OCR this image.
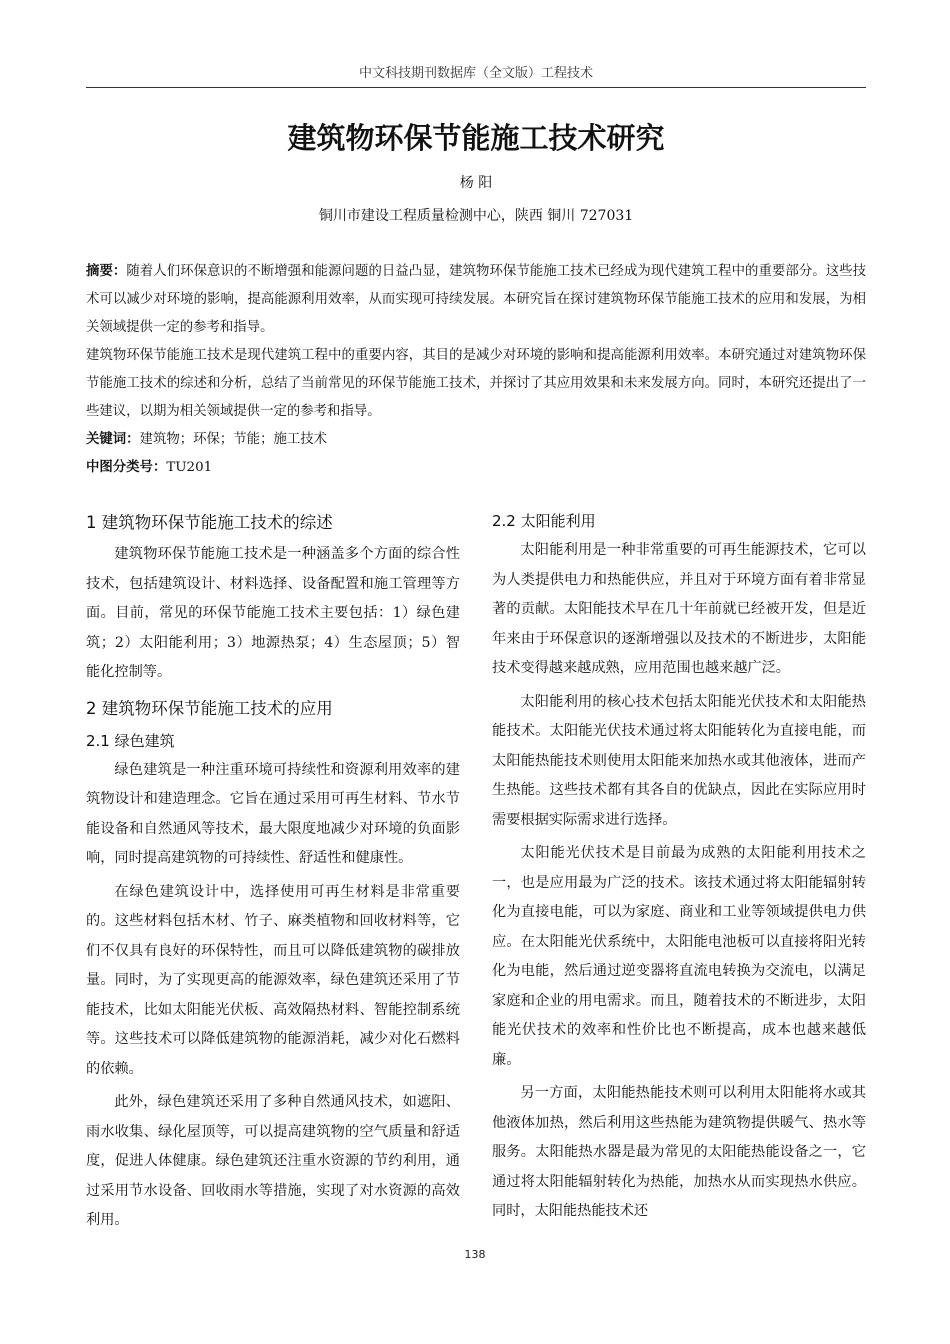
中文科技期刊数据库（全文版）工程技术
建筑物环保节能施工技术研究
杨 阳
铜川市建设工程质量检测中心，陕西 铜川 727031

摘要：随着人们环保意识的不断增强和能源问题的日益凸显，建筑物环保节能施工技术已经成为现代建筑工程中的重要部分。这些技术可以减少对环境的影响，提高能源利用效率，从而实现可持续发展。本研究旨在探讨建筑物环保节能施工技术的应用和发展，为相关领域提供一定的参考和指导。

建筑物环保节能施工技术是现代建筑工程中的重要内容，其目的是减少对环境的影响和提高能源利用效率。本研究通过对建筑物环保节能施工技术的综述和分析，总结了当前常见的环保节能施工技术，并探讨了其应用效果和未来发展方向。同时，本研究还提出了一些建议，以期为相关领域提供一定的参考和指导。

关键词：建筑物；环保；节能；施工技术

中图分类号：TU201

1 建筑物环保节能施工技术的综述

建筑物环保节能施工技术是一种涵盖多个方面的综合性技术，包括建筑设计、材料选择、设备配置和施工管理等方面。目前，常见的环保节能施工技术主要包括：1）绿色建筑；2）太阳能利用；3）地源热泵；4）生态屋顶；5）智能化控制等。

2 建筑物环保节能施工技术的应用
2.1 绿色建筑

绿色建筑是一种注重环境可持续性和资源利用效率的建筑物设计和建造理念。它旨在通过采用可再生材料、节水节能设备和自然通风等技术，最大限度地减少对环境的负面影响，同时提高建筑物的可持续性、舒适性和健康性。

在绿色建筑设计中，选择使用可再生材料是非常重要的。这些材料包括木材、竹子、麻类植物和回收材料等，它们不仅具有良好的环保特性，而且可以降低建筑物的碳排放量。同时，为了实现更高的能源效率，绿色建筑还采用了节能技术，比如太阳能光伏板、高效隔热材料、智能控制系统等。这些技术可以降低建筑物的能源消耗，减少对化石燃料的依赖。

此外，绿色建筑还采用了多种自然通风技术，如遮阳、雨水收集、绿化屋顶等，可以提高建筑物的空气质量和舒适度，促进人体健康。绿色建筑还注重水资源的节约利用，通过采用节水设备、回收雨水等措施，实现了对水资源的高效利用。

2.2 太阳能利用

太阳能利用是一种非常重要的可再生能源技术，它可以为人类提供电力和热能供应，并且对于环境方面有着非常显著的贡献。太阳能技术早在几十年前就已经被开发，但是近年来由于环保意识的逐渐增强以及技术的不断进步，太阳能技术变得越来越成熟，应用范围也越来越广泛。

太阳能利用的核心技术包括太阳能光伏技术和太阳能热能技术。太阳能光伏技术通过将太阳能转化为直接电能，而太阳能热能技术则使用太阳能来加热水或其他液体，进而产生热能。这些技术都有其各自的优缺点，因此在实际应用时需要根据实际需求进行选择。

太阳能光伏技术是目前最为成熟的太阳能利用技术之一，也是应用最为广泛的技术。该技术通过将太阳能辐射转化为直接电能，可以为家庭、商业和工业等领域提供电力供应。在太阳能光伏系统中，太阳能电池板可以直接将阳光转化为电能，然后通过逆变器将直流电转换为交流电，以满足家庭和企业的用电需求。而且，随着技术的不断进步，太阳能光伏技术的效率和性价比也不断提高，成本也越来越低廉。

另一方面，太阳能热能技术则可以利用太阳能将水或其他液体加热，然后利用这些热能为建筑物提供暖气、热水等服务。太阳能热水器是最为常见的太阳能热能设备之一，它通过将太阳能辐射转化为热能，加热水从而实现热水供应。同时，太阳能热能技术还

138
